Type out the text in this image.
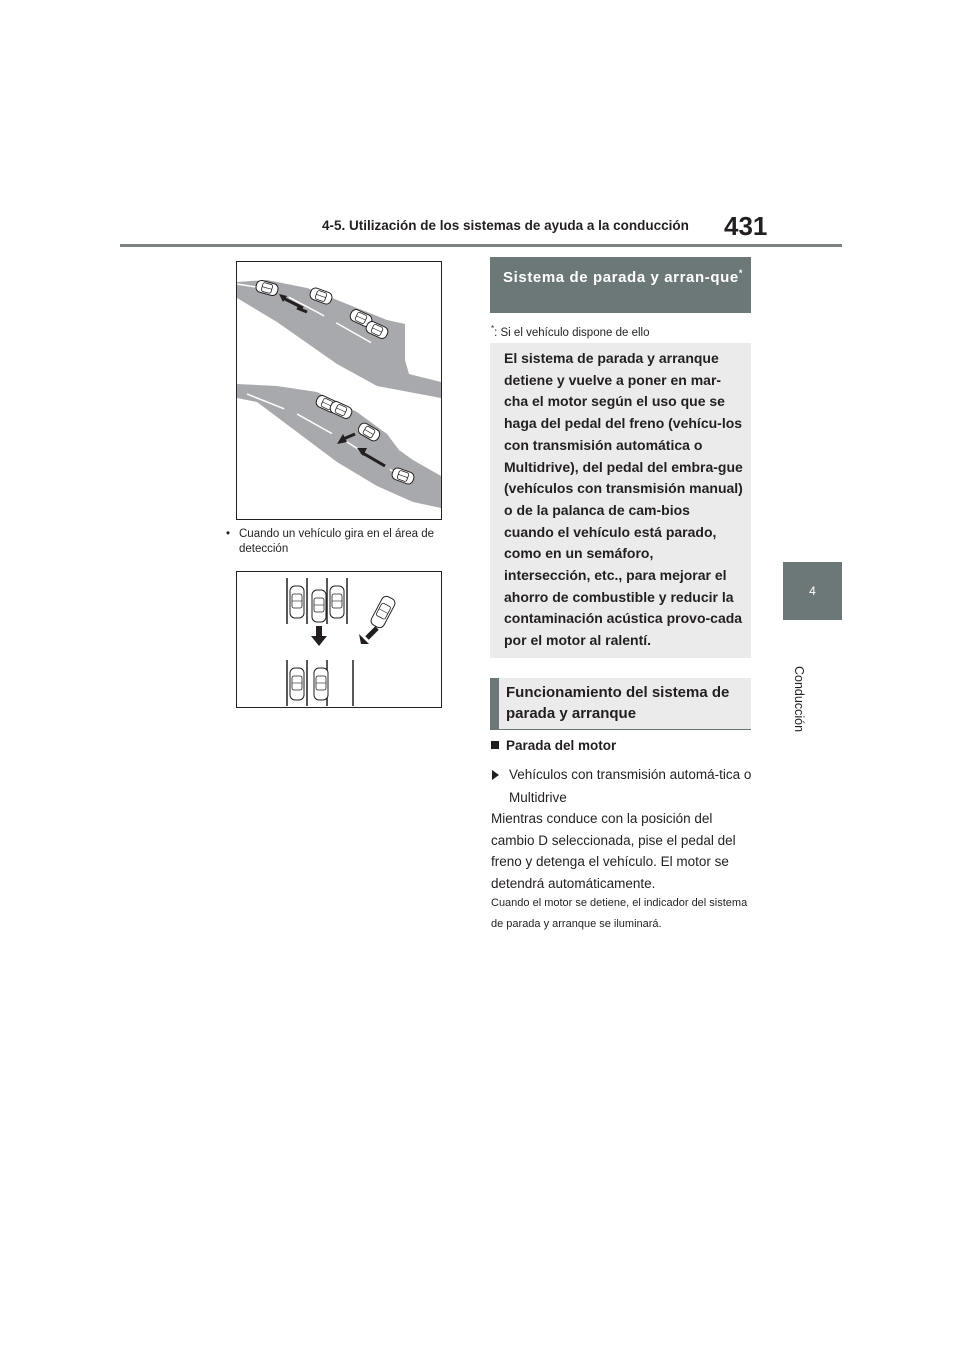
4-5. Utilización de los sistemas de ayuda a la conducción 431
4
Conducción
• Cuando un vehículo gira en el área de detección
Sistema de parada y arran-que*
*: Si el vehículo dispone de ello
El sistema de parada y arranque detiene y vuelve a poner en mar-cha el motor según el uso que se haga del pedal del freno (vehícu-los con transmisión automática o Multidrive), del pedal del embra-gue (vehículos con transmisión manual) o de la palanca de cam-bios cuando el vehículo está parado, como en un semáforo, intersección, etc., para mejorar el ahorro de combustible y reducir la contaminación acústica provo-cada por el motor al ralentí.
Funcionamiento del sistema de parada y arranque
Parada del motor
Vehículos con transmisión automá-tica o Multidrive
Mientras conduce con la posición del cambio D seleccionada, pise el pedal del freno y detenga el vehículo. El motor se detendrá automáticamente.
Cuando el motor se detiene, el indicador del sistema de parada y arranque se iluminará.
